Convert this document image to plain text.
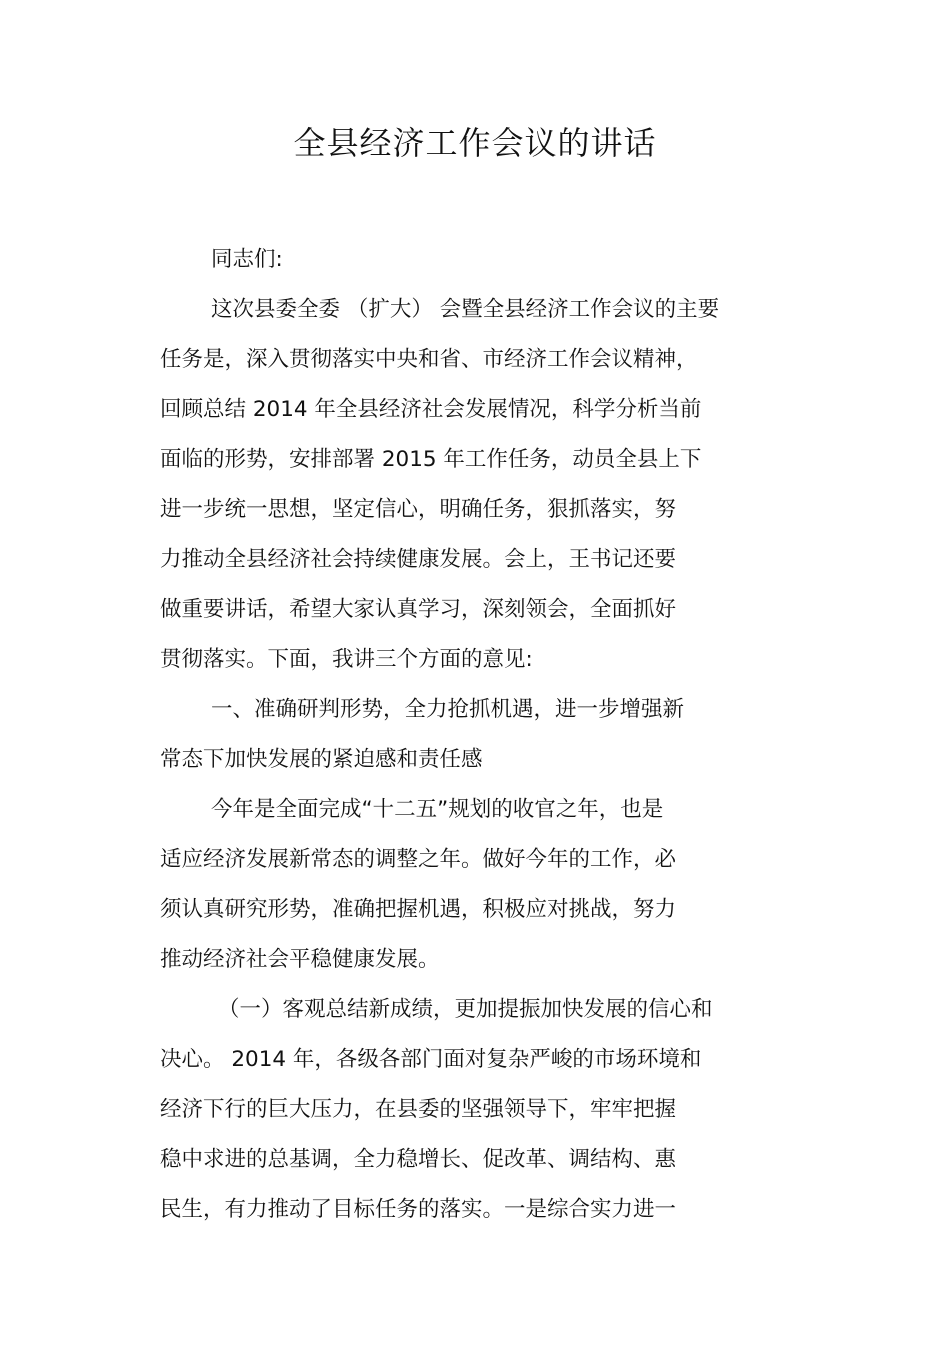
全县经济工作会议的讲话
同志们:
这次县委全委 （扩大） 会暨全县经济工作会议的主要
任务是，深入贯彻落实中央和省、市经济工作会议精神，
回顾总结 2014 年全县经济社会发展情况，科学分析当前
面临的形势，安排部署 2015 年工作任务，动员全县上下
进一步统一思想，坚定信心，明确任务，狠抓落实，努
力推动全县经济社会持续健康发展。会上，王书记还要
做重要讲话，希望大家认真学习，深刻领会，全面抓好
贯彻落实。下面，我讲三个方面的意见:
一、准确研判形势，全力抢抓机遇，进一步增强新
常态下加快发展的紧迫感和责任感
今年是全面完成“十二五”规划的收官之年，也是
适应经济发展新常态的调整之年。做好今年的工作，必
须认真研究形势，准确把握机遇，积极应对挑战，努力
推动经济社会平稳健康发展。
（一）客观总结新成绩，更加提振加快发展的信心和
决心。 2014 年，各级各部门面对复杂严峻的市场环境和
经济下行的巨大压力，在县委的坚强领导下，牢牢把握
稳中求进的总基调，全力稳增长、促改革、调结构、惠
民生，有力推动了目标任务的落实。一是综合实力进一
